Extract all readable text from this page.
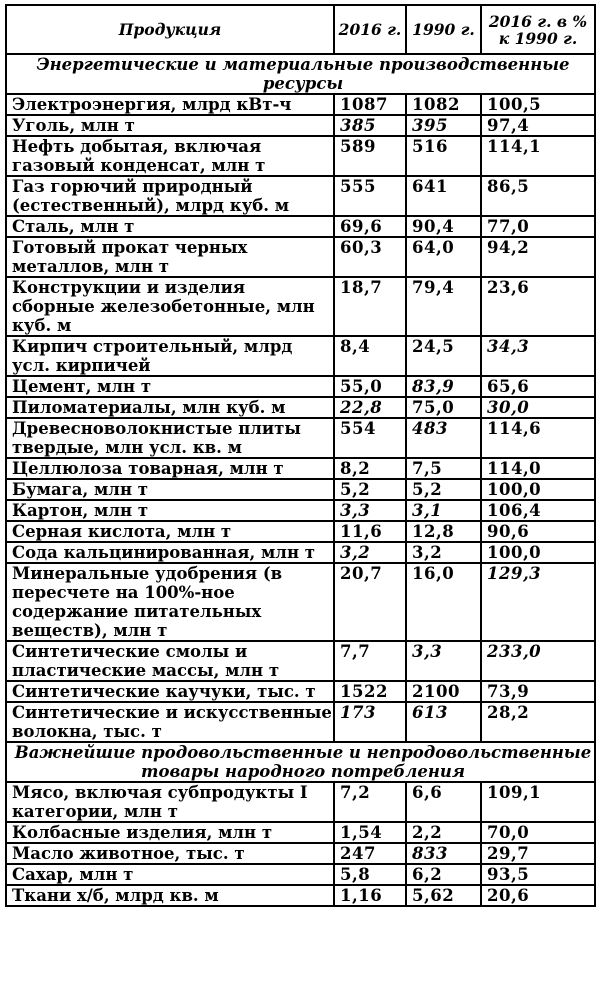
Продукция	2016 г.	1990 г.	2016 г. в %
к 1990 г.
Энергетические и материальные производственные ресурсы			
Электроэнергия, млрд кВт-ч	1087	1082	100,5
Уголь, млн т	385	395	97,4
Нефть добытая, включая газовый конденсат, млн т	589	516	114,1
Газ горючий природный (естественный), млрд куб. м	555	641	86,5
Сталь, млн т	69,6	90,4	77,0
Готовый прокат черных металлов, млн т	60,3	64,0	94,2
Конструкции и изделия сборные железобетонные, млн куб. м	18,7	79,4	23,6
Кирпич строительный, млрд усл. кирпичей	8,4	24,5	34,3
Цемент, млн т	55,0	83,9	65,6
Пиломатериалы, млн куб. м	22,8	75,0	30,0
Древесноволокнистые плиты твердые, млн усл. кв. м	554	483	114,6
Целлюлоза товарная, млн т	8,2	7,5	114,0
Бумага, млн т	5,2	5,2	100,0
Картон, млн т	3,3	3,1	106,4
Серная кислота, млн т	11,6	12,8	90,6
Сода кальцинированная, млн т	3,2	3,2	100,0
Минеральные удобрения (в пересчете на 100%-ное содержание питательных веществ), млн т	20,7	16,0	129,3
Синтетические смолы и пластические массы, млн т	7,7	3,3	233,0
Синтетические каучуки, тыс. т	1522	2100	73,9
Синтетические и искусственные волокна, тыс. т	173	613	28,2
Важнейшие продовольственные и непродовольственные товары народного потребления			
Мясо, включая субпродукты I категории, млн т	7,2	6,6	109,1
Колбасные изделия, млн т	1,54	2,2	70,0
Масло животное, тыс. т	247	833	29,7
Сахар, млн т	5,8	6,2	93,5
Ткани х/б, млрд кв. м	1,16	5,62	20,6
